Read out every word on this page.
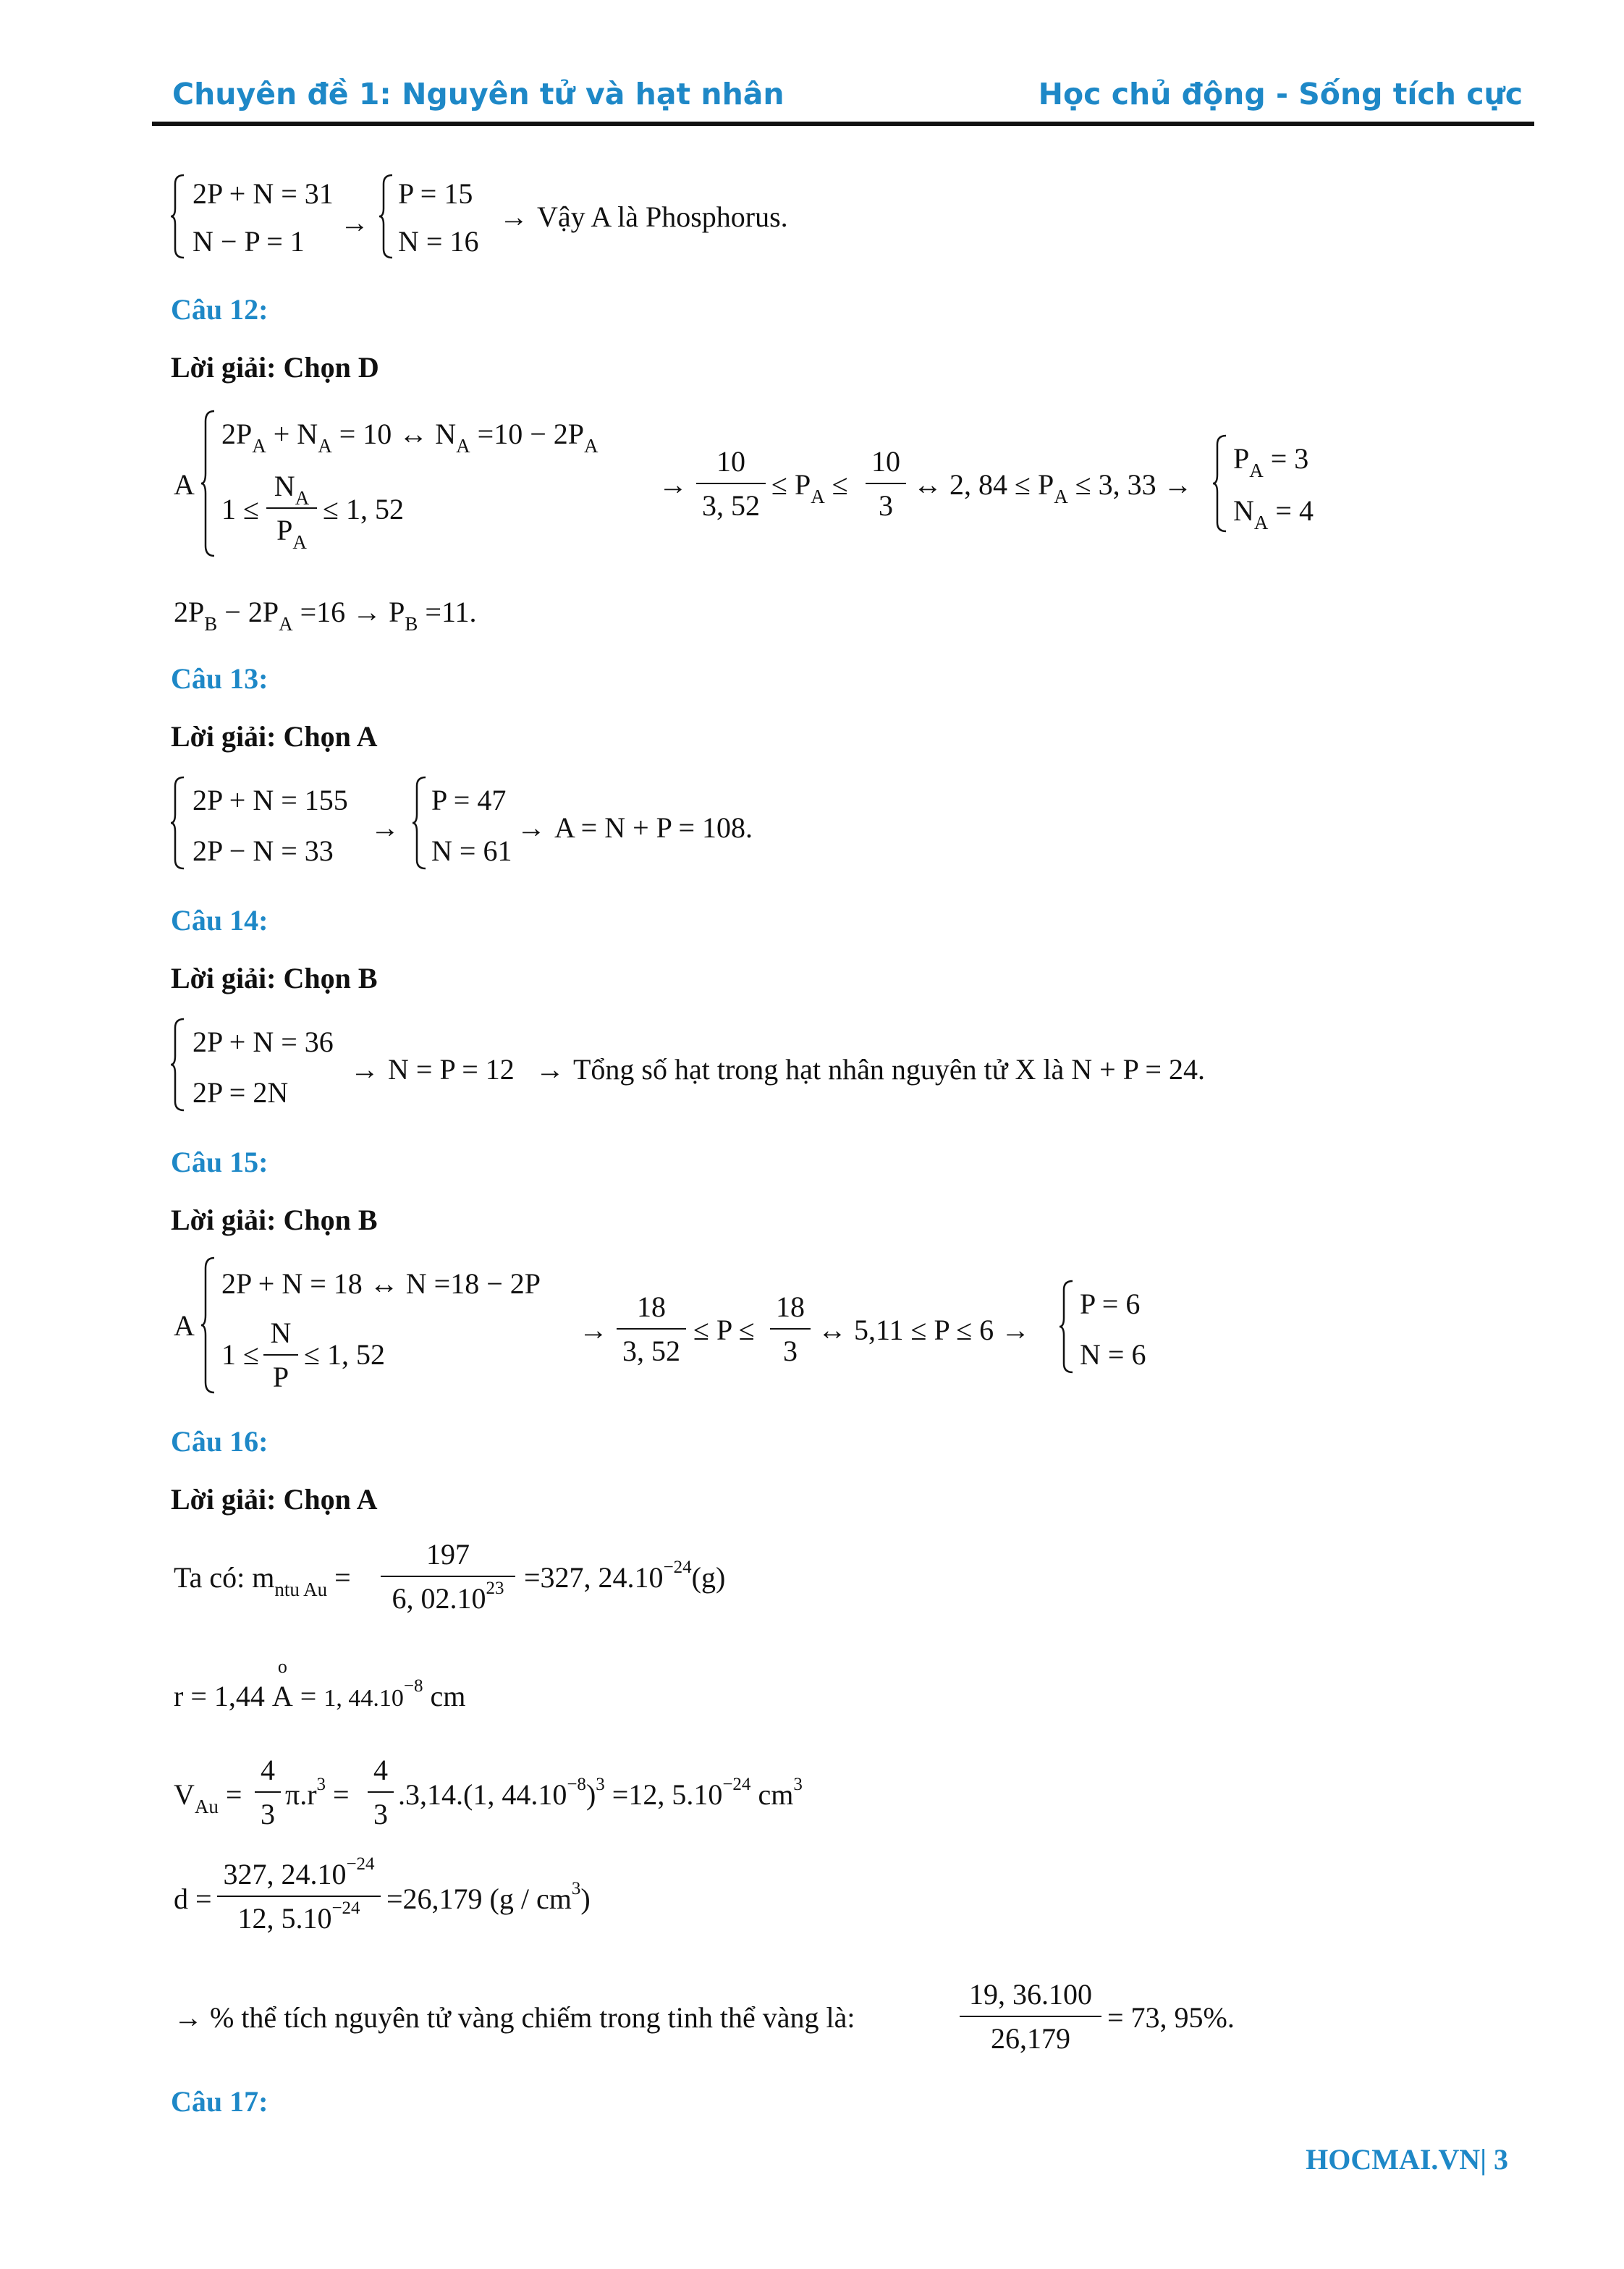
Chuyên đề 1: Nguyên tử và hạt nhân	Học chủ động - Sống tích cực
2P + N = 31
N − P = 1
→
P = 15
N = 16
→ Vậy A là Phosphorus.
Câu 12:
Lời giải: Chọn D
A
$2P_A + N_A = 10$ ↔ $N_A =10 - 2P_A$
1 ≤
$N_A$
$P_A$
≤ 1, 52
→
10
3, 52
≤ $P_A$ ≤
10
3
↔ 2, $84 \le P_A \le 3$, 33 →
$P_A = 3$
$N_A = 4$
$2P_B - 2P_A =16 \to P_B =11$.
Câu 13:
Lời giải: Chọn A
2P + N = 155
2P − N = 33
→
P = 47
N = 61
→ A = N + P = 108.
Câu 14:
Lời giải: Chọn B
2P + N = 36
2P = 2N
→ N = P = 12 → Tổng số hạt trong hạt nhân nguyên tử X là N + P = 24.
Câu 15:
Lời giải: Chọn B
A
2P + N = 18 ↔ N =18 − 2P
1 ≤
N
P
≤ 1, 52
→
18
3, 52
≤ P ≤
18
3
↔ 5,11 ≤ P ≤ 6 →
P = 6
N = 6
Câu 16:
Lời giải: Chọn A
Ta có: $m_{ntu Au}$ =
197
6, $02.10^{23} =327$, $24.10^{-24}(g)$
r = 1,44
o
A = 1, $44.10^{-8}$ cm
$V_{Au}$ =
4
3
$\pi.r^3$ =
4
3
.3,14.(1, $44.10^{-8})^3 =12$, $5.10^{-24}$ $cm^3$
d =
327, $24.10^{-24}$
12, $5.10^{-24} =26,179$ $(g / cm^3)$
→ % thể tích nguyên tử vàng chiếm trong tinh thể vàng là:
19, 36.100
26,179
= 73, 95%.
Câu 17:
HOCMAI.VN| 3
